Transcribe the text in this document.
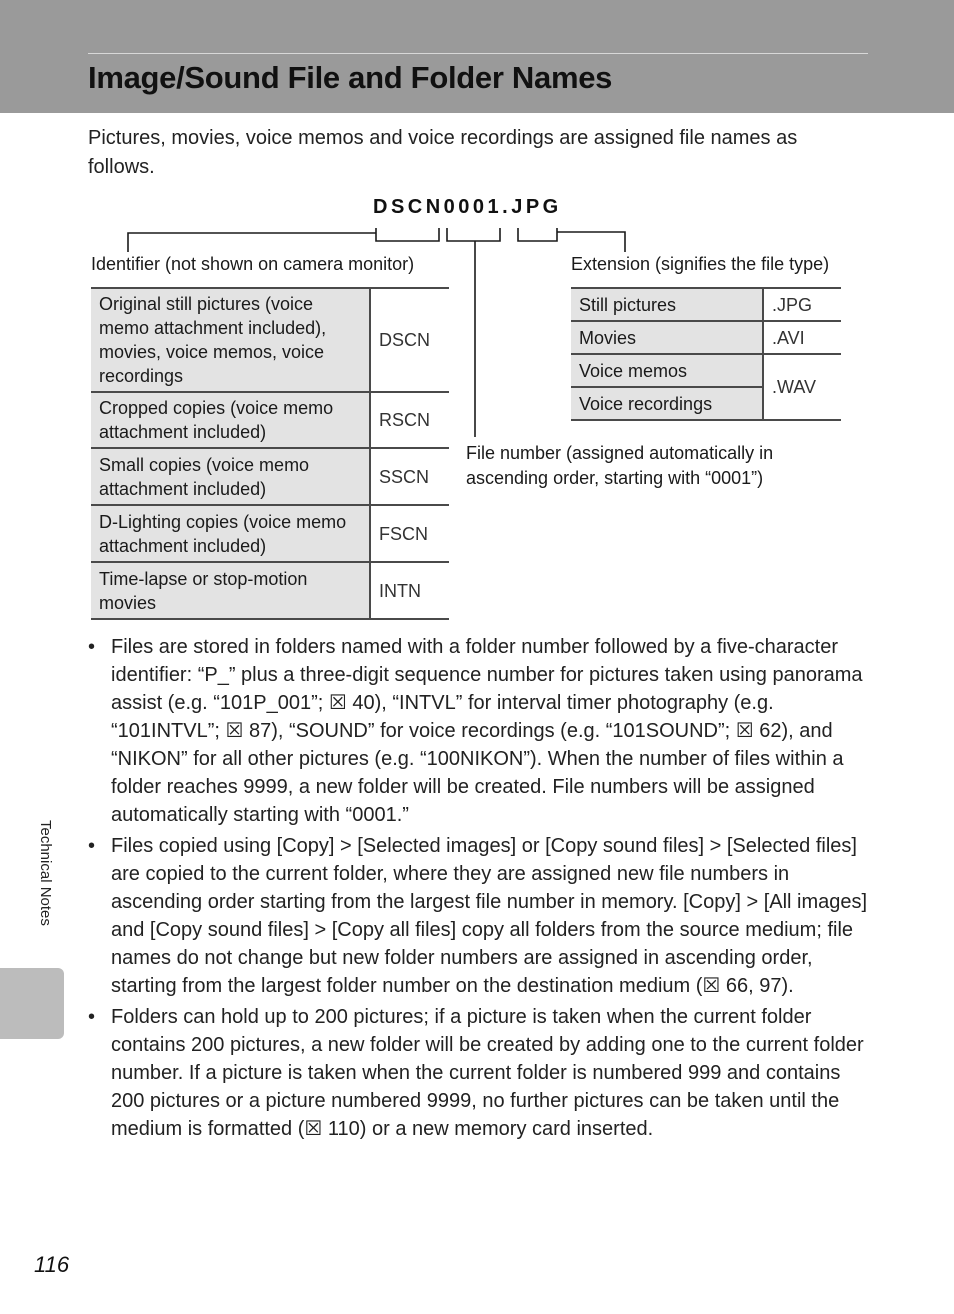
Image/Sound File and Folder Names
Pictures, movies, voice memos and voice recordings are assigned file names as follows.
DSCN0001.JPG
Identifier (not shown on camera monitor)	Extension (signifies the file type)
Original still pictures (voice memo attachment included), movies, voice memos, voice recordings	DSCN
Cropped copies (voice memo attachment included)	RSCN
Small copies (voice memo attachment included)	SSCN
D-Lighting copies (voice memo attachment included)	FSCN
Time-lapse or stop-motion movies	INTN
Still pictures	.JPG
Movies	.AVI
Voice memos	.WAV
Voice recordings	
File number (assigned automatically in
ascending order, starting with “0001”)
• Files are stored in folders named with a folder number followed by a five-character identifier: “P_” plus a three-digit sequence number for pictures taken using panorama assist (e.g. “101P_001”; ☒ 40), “INTVL” for interval timer photography (e.g. “101INTVL”; ☒ 87), “SOUND” for voice recordings (e.g. “101SOUND”; ☒ 62), and “NIKON” for all other pictures (e.g. “100NIKON”). When the number of files within a folder reaches 9999, a new folder will be created. File numbers will be assigned automatically starting with “0001.”
• Files copied using [Copy] > [Selected images] or [Copy sound files] > [Selected files] are copied to the current folder, where they are assigned new file numbers in ascending order starting from the largest file number in memory. [Copy] > [All images] and [Copy sound files] > [Copy all files] copy all folders from the source medium; file names do not change but new folder numbers are assigned in ascending order, starting from the largest folder number on the destination medium (☒ 66, 97).
• Folders can hold up to 200 pictures; if a picture is taken when the current folder contains 200 pictures, a new folder will be created by adding one to the current folder number. If a picture is taken when the current folder is numbered 999 and contains 200 pictures or a picture numbered 9999, no further pictures can be taken until the medium is formatted (☒ 110) or a new memory card inserted.
Technical Notes
116
